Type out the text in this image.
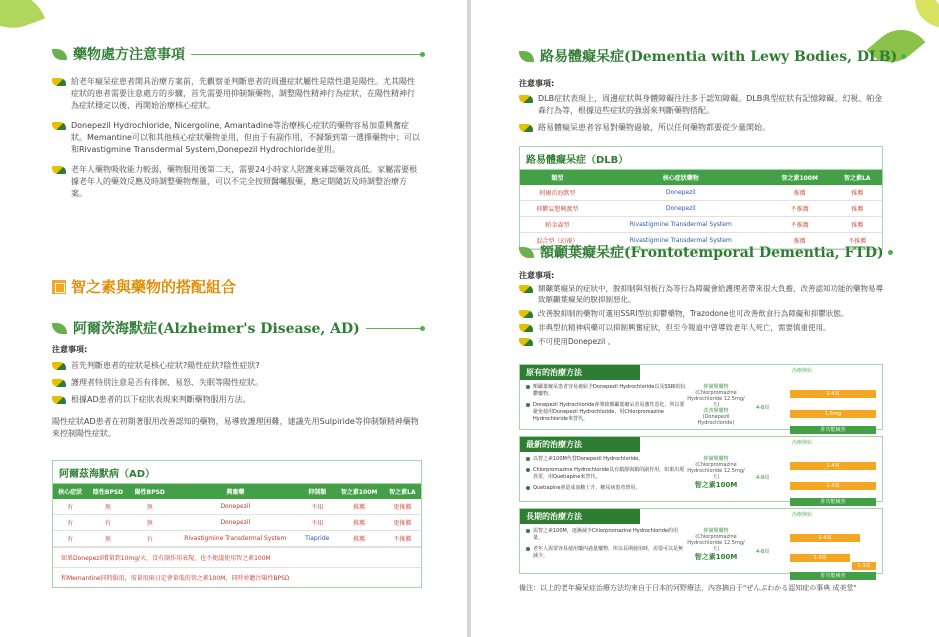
藥物處方注意事項
給老年癡呆症患者開具治療方案前，先觀察並判斷患者的周邊症狀屬性是陰性還是陽性。尤其陽性症狀的患者需要注意處方的步驟，首先需要用抑制類藥物，調整陽性精神行為症狀，在陽性精神行為症狀穩定以後，再開始治療核心症狀。
Donepezil Hydrochloride, Nicergoline, Amantadine等治療核心症狀的藥物容易加重興奮症狀。Memantine可以和其他核心症狀藥物並用，但由于有副作用，不歸類到第一選擇藥物中；可以和Rivastigmine Transdermal System,Donepezil Hydrochloride並用。
老年人藥物吸收能力較弱，藥物服用後第二天，需要24小時家人陪護來確認藥效高低。家屬需要根據老年人的藥效反應及時調整藥物劑量，可以不完全按照醫囑服藥，應定期隨訪及時調整治療方案。
智之素與藥物的搭配組合
阿爾茨海默症(Alzheimer's Disease, AD)
注意事項:
首先判斷患者的症狀是核心症狀?陽性症狀?陰性症狀?
護理者特別注意是否有徘徊、易怒、失眠等陽性症狀。
根據AD患者的以下症狀表現來判斷藥物服用方法。
陽性症狀AD患者在初期著服用改善認知的藥物，易導致護理困難，建議先用Sulpiride等抑制類精神藥物來控制陽性症狀。
阿爾茲海默病（AD）
核心症狀	陰性BPSD	陽性BPSD	興奮藥	抑制類	智之素100M	智之素LA
有	無	無	Donepezil	不用	推薦	更推薦
有	有	無	Donepezil	不用	推薦	更推薦
有	無	有	Rivastigmine Transdermal System	Tiapride	推薦	不推薦
如果Donepezil增量到10mg/天，沒有副作用表現，也不便議使用智之素100M
和Memantine同時服用，需量用兩日定會量低的智之素100M，同時並聽注陽性BPSD
路易體癡呆症(Dementia with Lewy Bodies, DLB)
注意事項:
DLB症狀表現上，周邊症狀與身體障礙往往多于認知障礙。DLB典型症狀有記憶障礙、幻視、帕金森行為等，根據這些症狀的強弱來判斷藥物搭配。
路易體癡呆患者容易對藥物過敏，所以任何藥物都要從少量開始。
路易體癡呆症（DLB）
類型	核心症狀藥物	智之素100M	智之素LA
阿爾茨海默型	Donepezil	推薦	推薦
抑鬱妄想興奮型	Donepezil	不推薦	推薦
帕金森型	Rivastigmine Transdermal System	不推薦	推薦
混合型（幻視）	Rivastigmine Transdermal System	推薦	不推薦
額顳葉癡呆症(Frontotemporal Dementia, FTD)
注意事項:
額顳葉癡呆的症狀中，脫抑制與刻板行為等行為障礙會給護理者帶來很大負擔，改善認知功能的藥物易導致額顳葉癡呆的脫抑制惡化。
改善脫抑制的藥物可選用SSRI型抗抑鬱藥物，Trazodone也可改善飲食行為障礙和抑鬱狀態。
非典型抗精神病藥可以抑制興奮症狀，但至今報道中曾導致老年人死亡，需要慎重使用。
不可使用Donepezil 。
原有的治療方法	治療開始
額顳葉癡呆患者容易被給予Donepezil Hydrochloride以及SSRI的抗鬱藥物。
Donepezil Hydrochloride會導致額顳葉癡呆者易激性惡化，所以要避免使用Donepezil Hydrochloride，用Chlorpromazine Hydrochloride來替代。
抑制類藥物
(Chlorpromazine Hydrochloride 12.5mg/天)
改善類藥物
(Donepezil Hydrochloride)
1-4周
4-8周
1.5mg
肝功能檢查
最新的治療方法	治療開始
以智之素100M代替Donepezil Hydrochloride。
Chlorpromazine Hydrochloride具有鎮靜與鎮的副作用，如果出現異常，用Quetiapine來替代。
Quetiapine會造成血糖上升，糖尿病患者禁用。
抑制類藥物
(Chlorpromazine Hydrochloride 12.5mg/天)
智之素100M
1-4周
4-8周
1-3周
肝功能檢查
長期的治療方法	治療開始
需智之素100M，逐漸減少Chlorpromazine Hydrochloride的用量。
老年人需要容易使用藥內過量藥物，所以長期使用時，需要可以是無減少。
抑制類藥物
(Chlorpromazine Hydrochloride 12.5mg/天)
智之素100M
1-4周
4-8周
1-3周
1-3周
肝功能檢查
備注：以上的老年癡呆症治療方法均來自于日本的河野療法，內容摘自于"ぜんぶわかる認知症の事典 成美堂"
